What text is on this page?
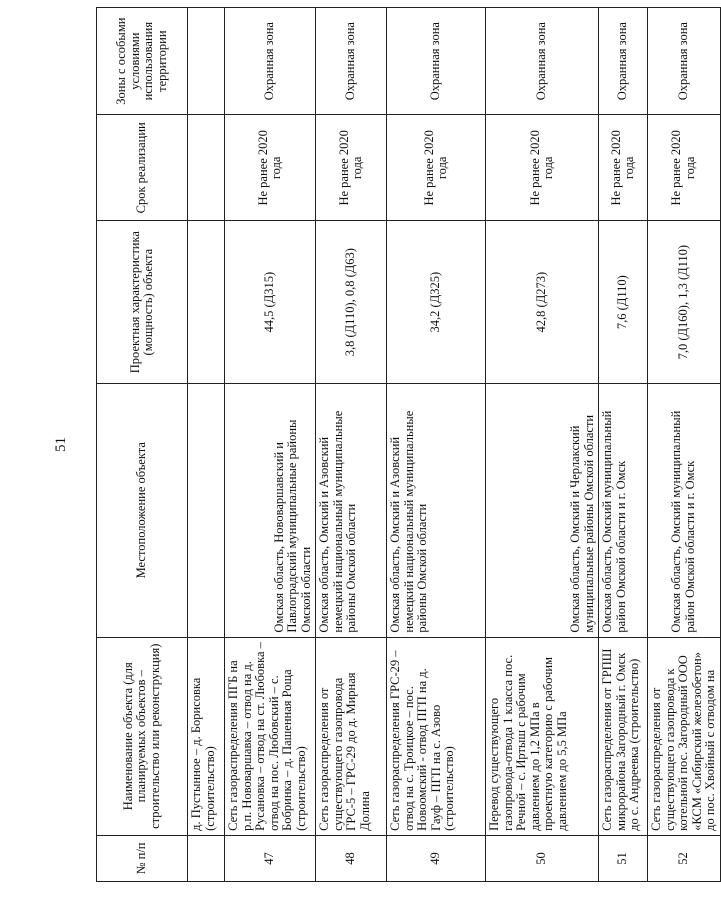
51
№ п/п	Наименование объекта (для планируемых объектов – строительство или реконструкция)	Местоположение объекта	Проектная характеристика (мощность) объекта	Срок реализации	Зоны с особыми условиями использования территории
	д. Пустынное – д. Борисовка (строительство)				
47	Сеть газораспределения ПГБ на р.п. Нововаршавка – отвод на д. Русановка – отвод на ст. Любовка – отвод на пос. Любовский – с. Бобринка – д. Пашенная Роща (строительство)	Омская область, Нововаршавский и Павлоградский муниципальные районы Омской области	44,5 (Д315)	Не ранее 2020 года	Охранная зона
48	Сеть газораспределения от существующего газопровода ГРС-5 – ГРС-29 до д. Мирная Долина	Омская область, Омский и Азовский немецкий национальный муниципальные районы Омской области	3,8 (Д110), 0,8 (Д63)	Не ранее 2020 года	Охранная зона
49	Сеть газораспределения ГРС-29 – отвод на с. Троицкое – пос. Новоомский - отвод ПГП на д. Гауф – ПГП на с. Азово (строительство)	Омская область, Омский и Азовский немецкий национальный муниципальные районы Омской области	34,2 (Д325)	Не ранее 2020 года	Охранная зона
50	Перевод существующего газопровода-отвода 1 класса пос. Речной – с. Иртыш с рабочим давлением до 1,2 МПа в проектную категорию с рабочим давлением до 5,5 МПа	Омская область, Омский и Черлакский муниципальные районы Омской области	42,8 (Д273)	Не ранее 2020 года	Охранная зона
51	Сеть газораспределения от ГРПШ микрорайона Загородный г. Омск до с. Андреевка (строительство)	Омская область, Омский муниципальный район Омской области и г. Омск	7,6 (Д110)	Не ранее 2020 года	Охранная зона
52	Сеть газораспределения от существующего газопровода к котельной пос. Загородный ООО «КСМ «Сибирский железобетон» до пос. Хвойный с отводом на	Омская область, Омский муниципальный район Омской области и г. Омск	7,0 (Д160), 1,3 (Д110)	Не ранее 2020 года	Охранная зона
